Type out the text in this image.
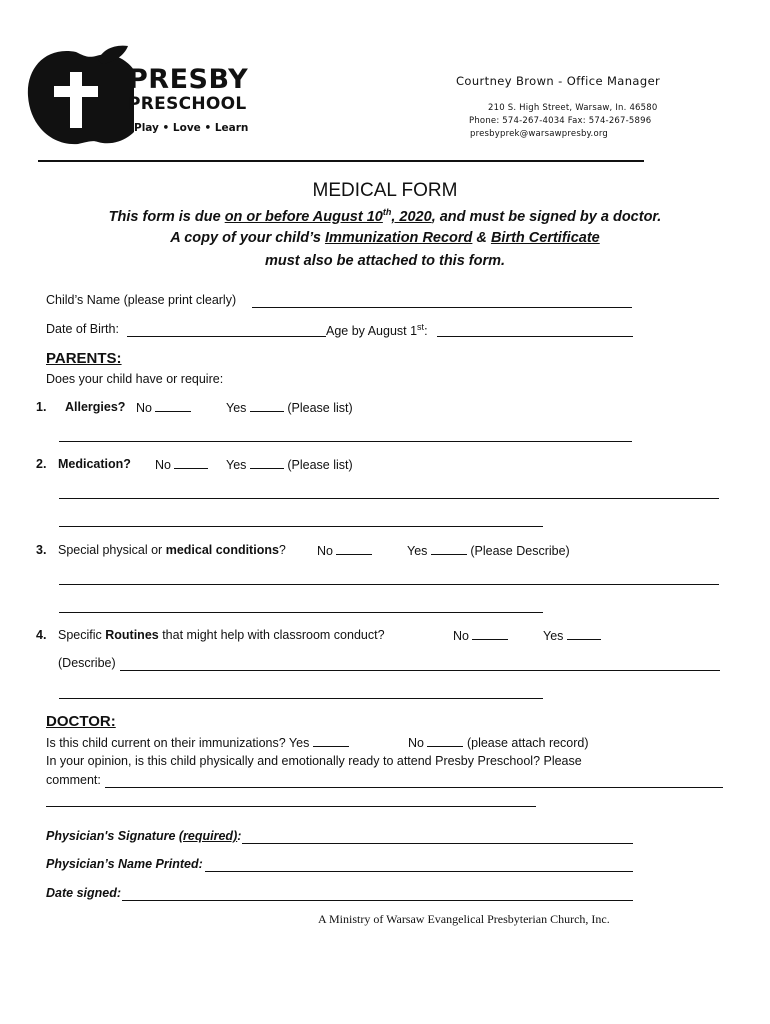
PRESBY
PRESCHOOL
Play • Love • Learn
Courtney Brown - Office Manager
210 S. High Street, Warsaw, In. 46580
Phone: 574-267-4034 Fax: 574-267-5896
presbyprek@warsawpresby.org
MEDICAL FORM
This form is due on or before August 10th, 2020, and must be signed by a doctor.
A copy of your child’s Immunization Record & Birth Certificate
must also be attached to this form.
Child’s Name (please print clearly)
Date of Birth:	Age by August 1st:
PARENTS:
Does your child have or require:
1. Allergies? No	Yes	(Please list)
2. Medication? No	Yes	(Please list)
3. Special physical or medical conditions? No	Yes	(Please Describe)
4. Specific Routines that might help with classroom conduct?	No	Yes
(Describe)
DOCTOR:
Is this child current on their immunizations? Yes	No	(please attach record)
In your opinion, is this child physically and emotionally ready to attend Presby Preschool? Please
comment:
Physician's Signature (required):
Physician’s Name Printed:
Date signed:
A Ministry of Warsaw Evangelical Presbyterian Church, Inc.
